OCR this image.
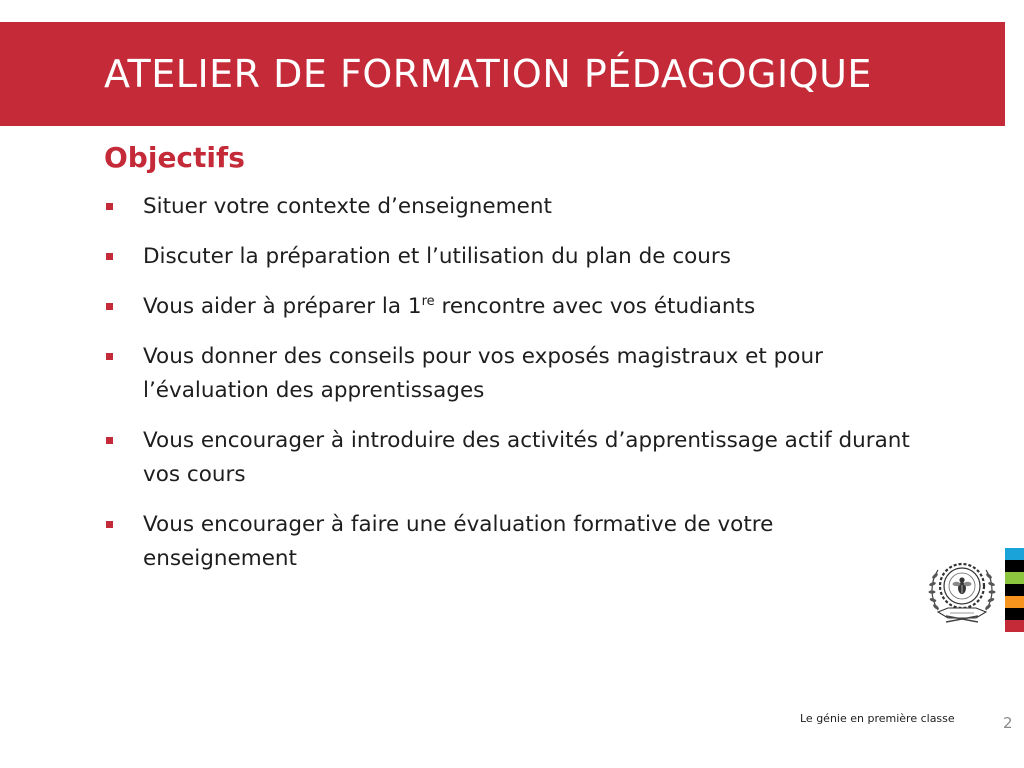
ATELIER DE FORMATION PÉDAGOGIQUE
Objectifs
Situer votre contexte d’enseignement
Discuter la préparation et l’utilisation du plan de cours
Vous aider à préparer la 1re rencontre avec vos étudiants
Vous donner des conseils pour vos exposés magistraux et pour l’évaluation des apprentissages
Vous encourager à introduire des activités d’apprentissage actif durant vos cours
Vous encourager à faire une évaluation formative de votre enseignement
Le génie en première classe	2
